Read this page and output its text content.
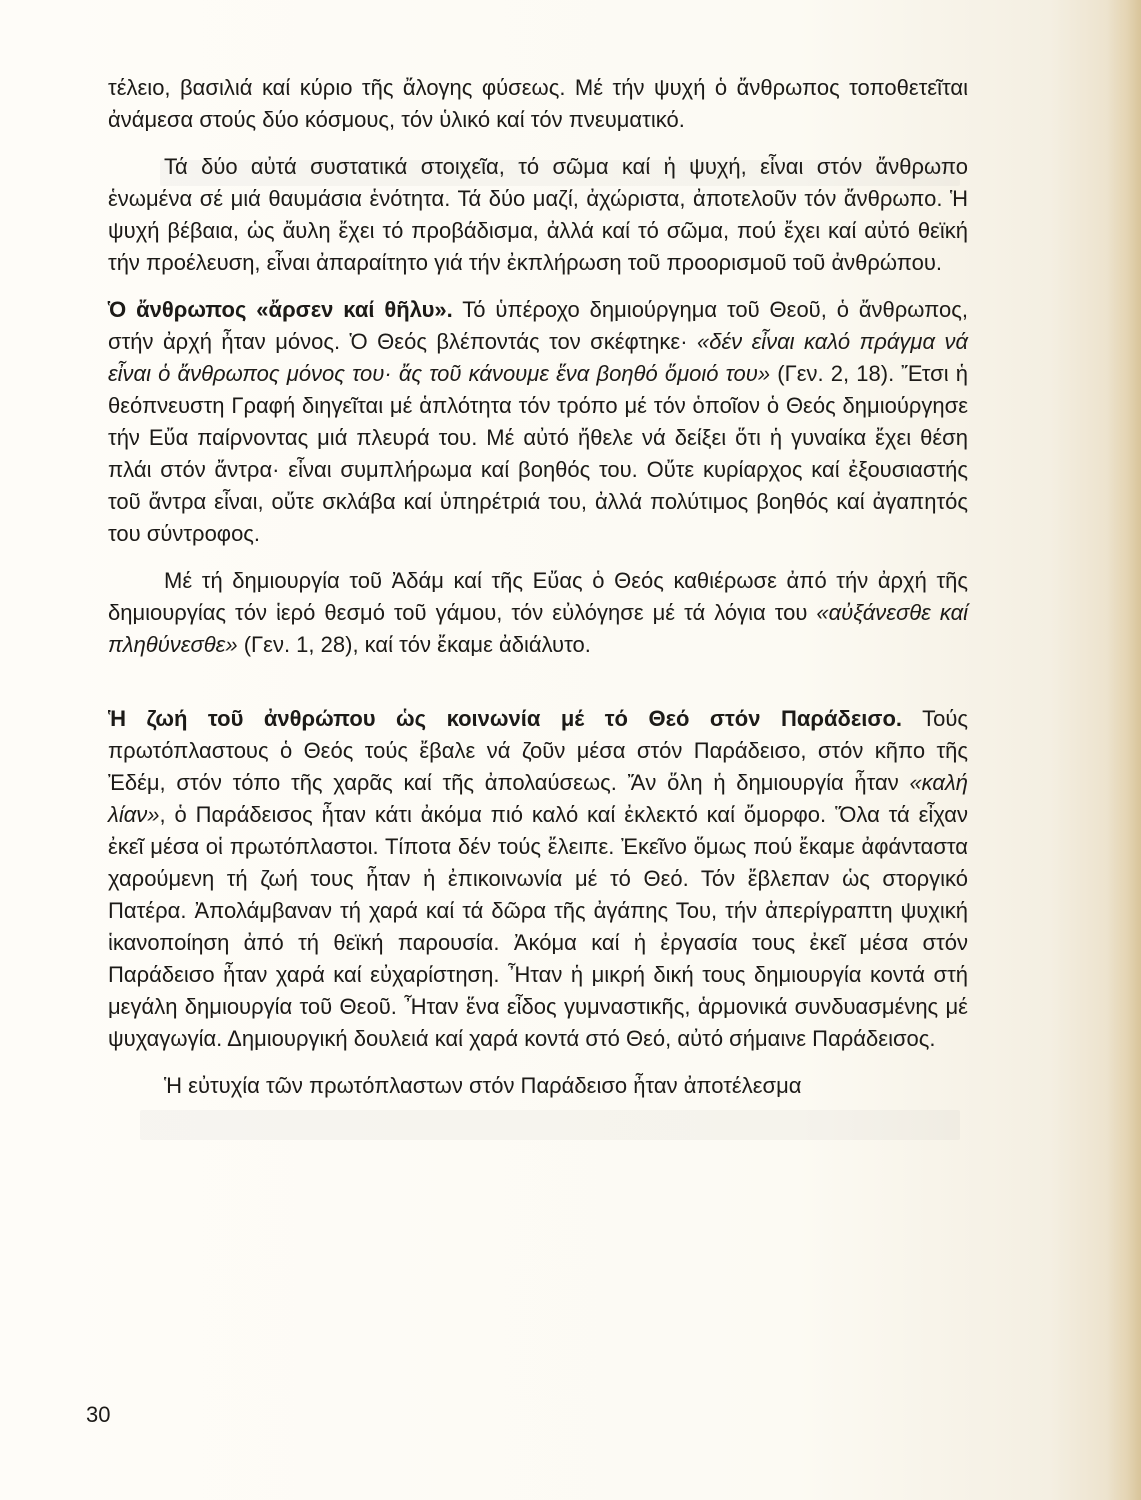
τέλειο, βασιλιά καί κύριο τῆς ἄλογης φύσεως. Μέ τήν ψυχή ὁ ἄνθρωπος τοποθετεῖται ἀνάμεσα στούς δύο κόσμους, τόν ὑλικό καί τόν πνευματικό.

Τά δύο αὐτά συστατικά στοιχεῖα, τό σῶμα καί ἡ ψυχή, εἶναι στόν ἄνθρωπο ἑνωμένα σέ μιά θαυμάσια ἑνότητα. Τά δύο μαζί, ἀχώριστα, ἀποτελοῦν τόν ἄνθρωπο. Ἡ ψυχή βέβαια, ὡς ἄυλη ἔχει τό προβάδισμα, ἀλλά καί τό σῶμα, πού ἔχει καί αὐτό θεϊκή τήν προέλευση, εἶναι ἀπαραίτητο γιά τήν ἐκπλήρωση τοῦ προορισμοῦ τοῦ ἀνθρώπου.

Ὁ ἄνθρωπος «ἄρσεν καί θῆλυ». Τό ὑπέροχο δημιούργημα τοῦ Θεοῦ, ὁ ἄνθρωπος, στήν ἀρχή ἦταν μόνος. Ὁ Θεός βλέποντάς τον σκέφτηκε· «δέν εἶναι καλό πράγμα νά εἶναι ὁ ἄνθρωπος μόνος του· ἄς τοῦ κάνουμε ἕνα βοηθό ὅμοιό του» (Γεν. 2, 18). Ἔτσι ἡ θεόπνευστη Γραφή διηγεῖται μέ ἁπλότητα τόν τρόπο μέ τόν ὁποῖον ὁ Θεός δημιούργησε τήν Εὔα παίρνοντας μιά πλευρά του. Μέ αὐτό ἤθελε νά δείξει ὅτι ἡ γυναίκα ἔχει θέση πλάι στόν ἄντρα· εἶναι συμπλήρωμα καί βοηθός του. Οὔτε κυρίαρχος καί ἐξουσιαστής τοῦ ἄντρα εἶναι, οὔτε σκλάβα καί ὑπηρέτριά του, ἀλλά πολύτιμος βοηθός καί ἀγαπητός του σύντροφος.

Μέ τή δημιουργία τοῦ Ἀδάμ καί τῆς Εὔας ὁ Θεός καθιέρωσε ἀπό τήν ἀρχή τῆς δημιουργίας τόν ἱερό θεσμό τοῦ γάμου, τόν εὐλόγησε μέ τά λόγια του «αὐξάνεσθε καί πληθύνεσθε» (Γεν. 1, 28), καί τόν ἔκαμε ἀδιάλυτο.

Ἡ ζωή τοῦ ἀνθρώπου ὡς κοινωνία μέ τό Θεό στόν Παράδεισο. Τούς πρωτόπλαστους ὁ Θεός τούς ἔβαλε νά ζοῦν μέσα στόν Παράδεισο, στόν κῆπο τῆς Ἐδέμ, στόν τόπο τῆς χαρᾶς καί τῆς ἀπολαύσεως. Ἄν ὅλη ἡ δημιουργία ἦταν «καλή λίαν», ὁ Παράδεισος ἦταν κάτι ἀκόμα πιό καλό καί ἐκλεκτό καί ὄμορφο. Ὅλα τά εἶχαν ἐκεῖ μέσα οἱ πρωτόπλαστοι. Τίποτα δέν τούς ἔλειπε. Ἐκεῖνο ὅμως πού ἔκαμε ἀφάνταστα χαρούμενη τή ζωή τους ἦταν ἡ ἐπικοινωνία μέ τό Θεό. Τόν ἔβλεπαν ὡς στοργικό Πατέρα. Ἀπολάμβαναν τή χαρά καί τά δῶρα τῆς ἀγάπης Του, τήν ἀπερίγραπτη ψυχική ἱκανοποίηση ἀπό τή θεϊκή παρουσία. Ἀκόμα καί ἡ ἐργασία τους ἐκεῖ μέσα στόν Παράδεισο ἦταν χαρά καί εὐχαρίστηση. Ἦταν ἡ μικρή δική τους δημιουργία κοντά στή μεγάλη δημιουργία τοῦ Θεοῦ. Ἦταν ἕνα εἶδος γυμναστικῆς, ἁρμονικά συνδυασμένης μέ ψυχαγωγία. Δημιουργική δουλειά καί χαρά κοντά στό Θεό, αὐτό σήμαινε Παράδεισος.

Ἡ εὐτυχία τῶν πρωτόπλαστων στόν Παράδεισο ἦταν ἀποτέλεσμα

30
